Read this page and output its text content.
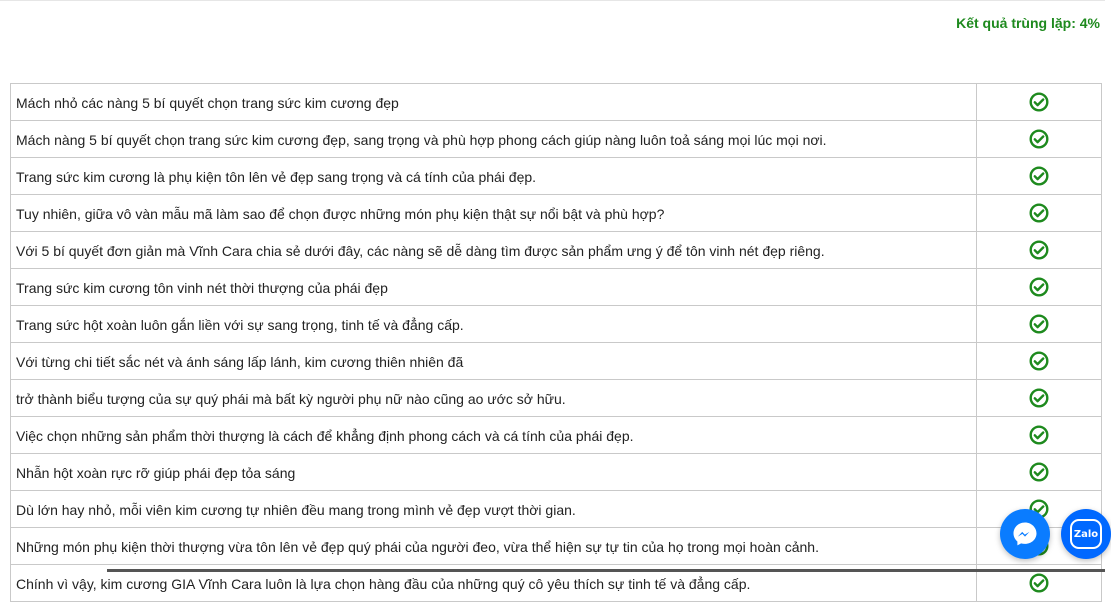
Kết quả trùng lặp: 4%
Mách nhỏ các nàng 5 bí quyết chọn trang sức kim cương đẹp	
Mách nàng 5 bí quyết chọn trang sức kim cương đẹp, sang trọng và phù hợp phong cách giúp nàng luôn toả sáng mọi lúc mọi nơi.	
Trang sức kim cương là phụ kiện tôn lên vẻ đẹp sang trọng và cá tính của phái đẹp.	
Tuy nhiên, giữa vô vàn mẫu mã làm sao để chọn được những món phụ kiện thật sự nổi bật và phù hợp?	
Với 5 bí quyết đơn giản mà Vĩnh Cara chia sẻ dưới đây, các nàng sẽ dễ dàng tìm được sản phẩm ưng ý để tôn vinh nét đẹp riêng.	
Trang sức kim cương tôn vinh nét thời thượng của phái đẹp	
Trang sức hột xoàn luôn gắn liền với sự sang trọng, tinh tế và đẳng cấp.	
Với từng chi tiết sắc nét và ánh sáng lấp lánh, kim cương thiên nhiên đã	
trở thành biểu tượng của sự quý phái mà bất kỳ người phụ nữ nào cũng ao ước sở hữu.	
Việc chọn những sản phẩm thời thượng là cách để khẳng định phong cách và cá tính của phái đẹp.	
Nhẫn hột xoàn rực rỡ giúp phái đẹp tỏa sáng	
Dù lớn hay nhỏ, mỗi viên kim cương tự nhiên đều mang trong mình vẻ đẹp vượt thời gian.	
Những món phụ kiện thời thượng vừa tôn lên vẻ đẹp quý phái của người đeo, vừa thể hiện sự tự tin của họ trong mọi hoàn cảnh.	
Chính vì vậy, kim cương GIA Vĩnh Cara luôn là lựa chọn hàng đầu của những quý cô yêu thích sự tinh tế và đẳng cấp.	
Zalo
